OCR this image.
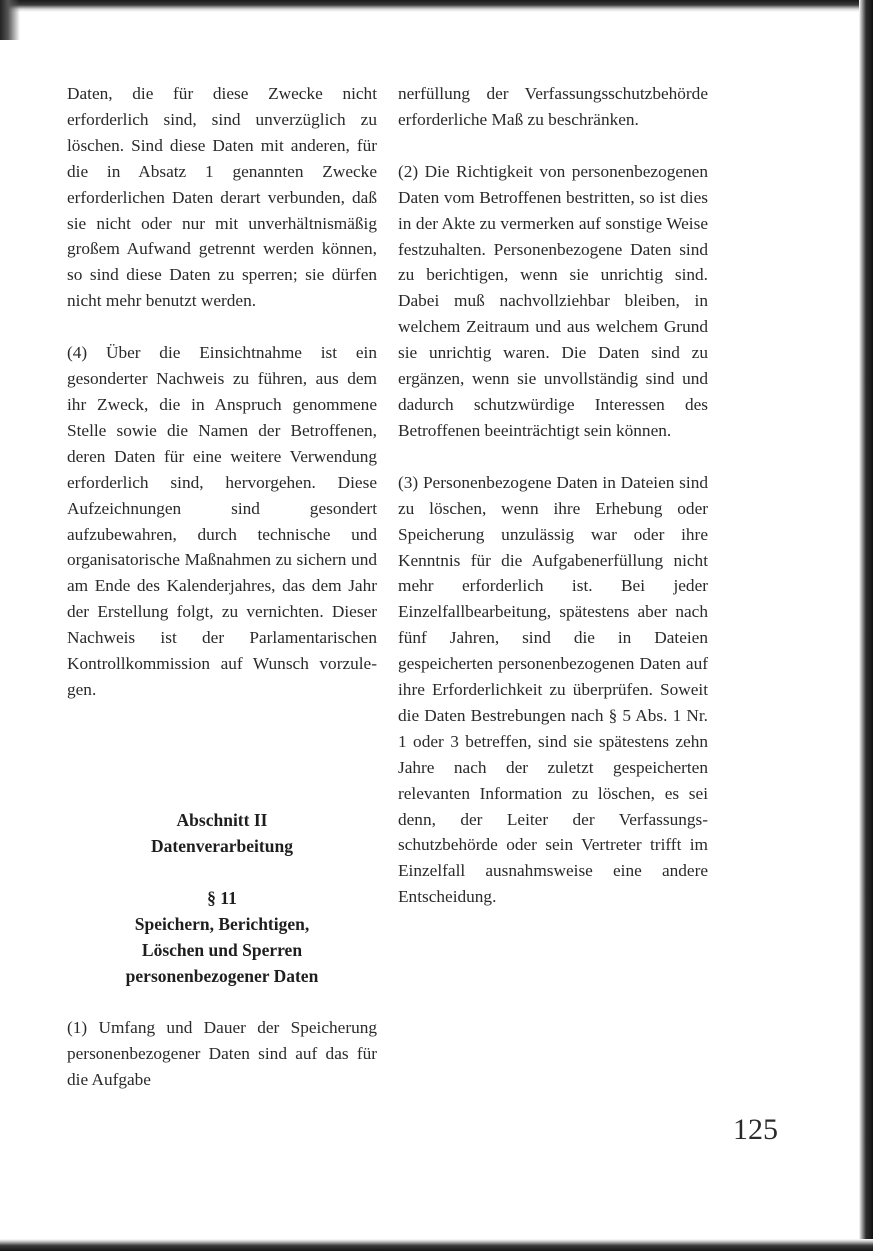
Daten, die für diese Zwecke nicht erforderlich sind, sind unverzüglich zu löschen. Sind diese Daten mit anderen, für die in Absatz 1 genannten Zwecke erforderlichen Daten derart verbunden, daß sie nicht oder nur mit unverhältnismäßig großem Aufwand getrennt werden können, so sind diese Daten zu sperren; sie dürfen nicht mehr benutzt werden.

(4) Über die Einsichtnahme ist ein gesonderter Nachweis zu führen, aus dem ihr Zweck, die in Anspruch genommene Stelle sowie die Namen der Betroffenen, deren Daten für eine weitere Verwendung erforderlich sind, hervorgehen. Diese Aufzeichnungen sind gesondert aufzubewahren, durch technische und organisatorische Maßnahmen zu sichern und am Ende des Kalenderjahres, das dem Jahr der Erstellung folgt, zu vernichten. Dieser Nachweis ist der Parlamentarischen Kontrollkommission auf Wunsch vorzulegen.

Abschnitt II

Datenverarbeitung

§ 11

Speichern, Berichtigen,

Löschen und Sperren

personenbezogener Daten

(1) Umfang und Dauer der Speicherung personenbezogener Daten sind auf das für die Aufgabe

nerfüllung der Verfassungsschutzbehörde erforderliche Maß zu beschränken.

(2) Die Richtigkeit von personenbezogenen Daten vom Betroffenen bestritten, so ist dies in der Akte zu vermerken auf sonstige Weise festzuhalten. Personenbezogene Daten sind zu berichtigen, wenn sie unrichtig sind. Dabei muß nachvollziehbar bleiben, in welchem Zeitraum und aus welchem Grund sie unrichtig waren. Die Daten sind zu ergänzen, wenn sie unvollständig sind und dadurch schutzwürdige Interessen des Betroffenen beeinträchtigt sein können.

(3) Personenbezogene Daten in Dateien sind zu löschen, wenn ihre Erhebung oder Speicherung unzulässig war oder ihre Kenntnis für die Aufgabenerfüllung nicht mehr erforderlich ist. Bei jeder Einzelfallbearbeitung, spätestens aber nach fünf Jahren, sind die in Dateien gespeicherten personenbezogenen Daten auf ihre Erforderlichkeit zu überprüfen. Soweit die Daten Bestrebungen nach § 5 Abs. 1 Nr. 1 oder 3 betreffen, sind sie spätestens zehn Jahre nach der zuletzt gespeicherten relevanten Information zu löschen, es sei denn, der Leiter der Verfassungsschutzbehörde oder sein Vertreter trifft im Einzelfall ausnahmsweise eine andere Entscheidung.

125
